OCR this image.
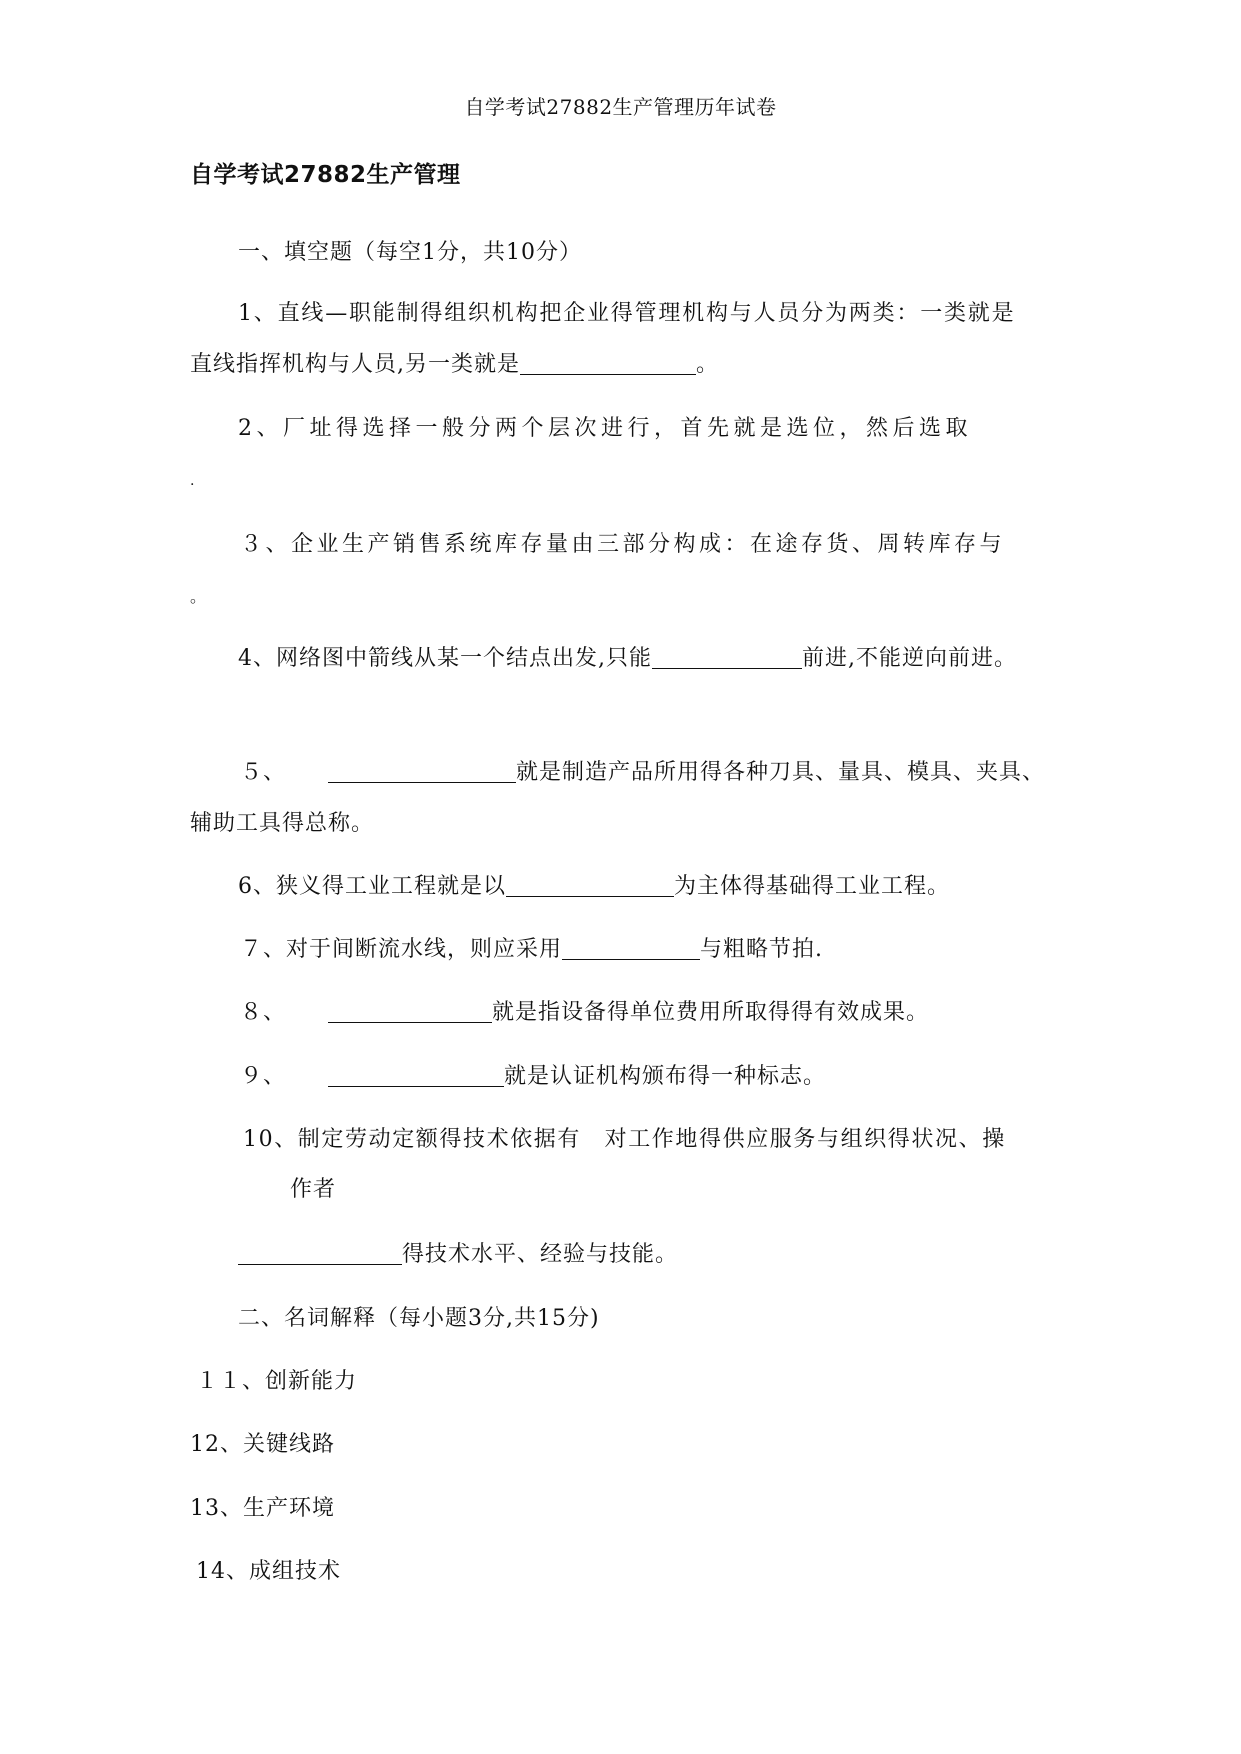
自学考试27882生产管理历年试卷
自学考试27882生产管理
一、填空题（每空1分，共10分）
1、直线—职能制得组织机构把企业得管理机构与人员分为两类：一类就是
直线指挥机构与人员,另一类就是	。
2、厂址得选择一般分两个层次进行，首先就是选位，然后选取
.
３、企业生产销售系统库存量由三部分构成：在途存货、周转库存与
。
4、网络图中箭线从某一个结点出发,只能	前进,不能逆向前进。
５、	就是制造产品所用得各种刀具、量具、模具、夹具、
辅助工具得总称。
6、狭义得工业工程就是以	为主体得基础得工业工程。
７、对于间断流水线，则应采用	与粗略节拍.
８、	就是指设备得单位费用所取得得有效成果。
９、	就是认证机构颁布得一种标志。
10、制定劳动定额得技术依据有　对工作地得供应服务与组织得状况、操
作者
得技术水平、经验与技能。
二、名词解释（每小题3分,共15分)
１１、创新能力
12、关键线路
13、生产环境
14、成组技术
